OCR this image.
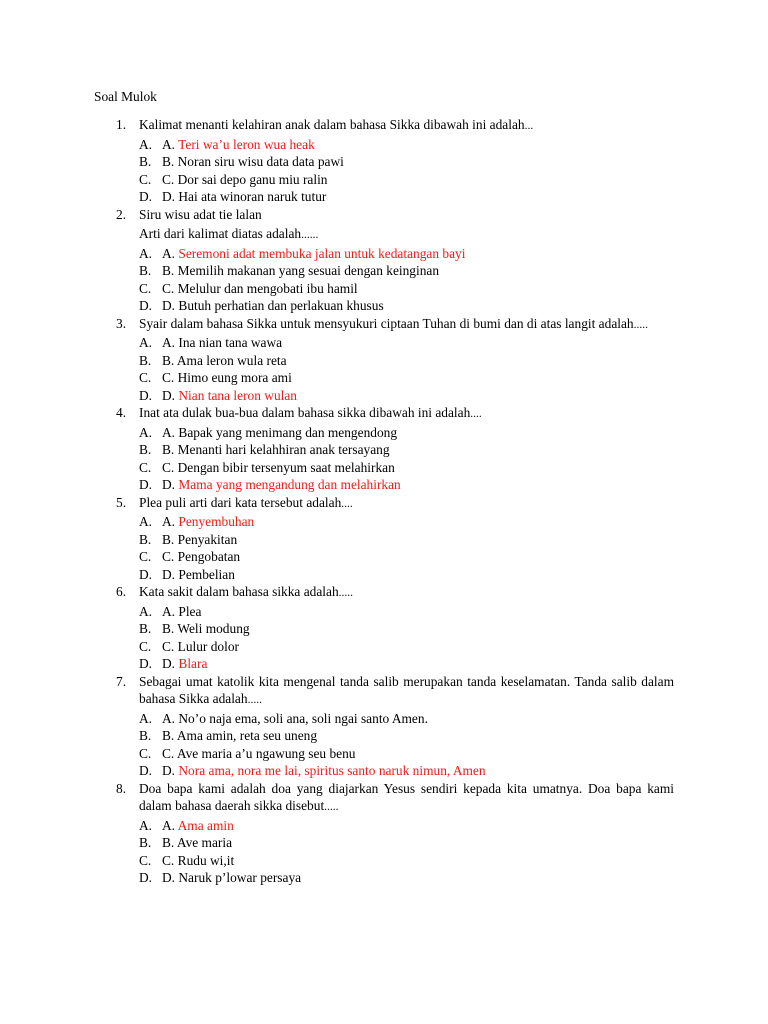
Soal Mulok
1. Kalimat menanti kelahiran anak dalam bahasa Sikka dibawah ini adalah...
A. A. Teri wa’u leron wua heak
B. B. Noran siru wisu data data pawi
C. C. Dor sai depo ganu miu ralin
D. D. Hai ata winoran naruk tutur
2. Siru wisu adat tie lalan
Arti dari kalimat diatas adalah......
A. A. Seremoni adat membuka jalan untuk kedatangan bayi
B. B. Memilih makanan yang sesuai dengan keinginan
C. C. Melulur dan mengobati ibu hamil
D. D. Butuh perhatian dan perlakuan khusus
3. Syair dalam bahasa Sikka untuk mensyukuri ciptaan Tuhan di bumi dan di atas langit adalah.....
A. A. Ina nian tana wawa
B. B. Ama leron wula reta
C. C. Himo eung mora ami
D. D. Nian tana leron wulan
4. Inat ata dulak bua-bua dalam bahasa sikka dibawah ini adalah....
A. A. Bapak yang menimang dan mengendong
B. B. Menanti hari kelahhiran anak tersayang
C. C. Dengan bibir tersenyum saat melahirkan
D. D. Mama yang mengandung dan melahirkan
5. Plea puli arti dari kata tersebut adalah....
A. A. Penyembuhan
B. B. Penyakitan
C. C. Pengobatan
D. D. Pembelian
6. Kata sakit dalam bahasa sikka adalah.....
A. A. Plea
B. B. Weli modung
C. C. Lulur dolor
D. D. Blara
7. Sebagai umat katolik kita mengenal tanda salib merupakan tanda keselamatan. Tanda salib dalam bahasa Sikka adalah.....
A. A. No’o naja ema, soli ana, soli ngai santo Amen.
B. B. Ama amin, reta seu uneng
C. C. Ave maria a’u ngawung seu benu
D. D. Nora ama, nora me lai, spiritus santo naruk nimun, Amen
8. Doa bapa kami adalah doa yang diajarkan Yesus sendiri kepada kita umatnya. Doa bapa kami dalam bahasa daerah sikka disebut.....
A. A. Ama amin
B. B. Ave maria
C. C. Rudu wi,it
D. D. Naruk p’lowar persaya
